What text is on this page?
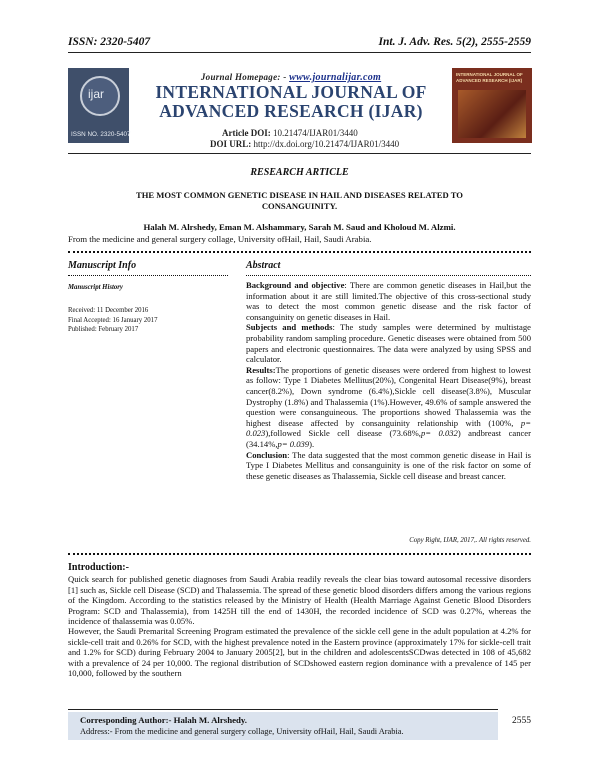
ISSN: 2320-5407	Int. J. Adv. Res. 5(2), 2555-2559
ijar
ISSN NO. 2320-5407
INTERNATIONAL JOURNAL OF ADVANCED RESEARCH (IJAR)
Journal Homepage: - www.journalijar.com
INTERNATIONAL JOURNAL OF
ADVANCED RESEARCH (IJAR)
Article DOI: 10.21474/IJAR01/3440
DOI URL: http://dx.doi.org/10.21474/IJAR01/3440
RESEARCH ARTICLE
THE MOST COMMON GENETIC DISEASE IN HAIL AND DISEASES RELATED TO
CONSANGUINITY.
Halah M. Alrshedy, Eman M. Alshammary, Sarah M. Saud and Kholoud M. Alzmi.
From the medicine and general surgery collage, University ofHail, Hail, Saudi Arabia.
Manuscript Info
Manuscript History
Received: 11 December 2016
Final Accepted: 16 January 2017
Published: February 2017
Abstract

Background and objective: There are common genetic diseases in Hail,but the information about it are still limited.The objective of this cross-sectional study was to detect the most common genetic disease and the risk factor of consanguinity on genetic diseases in Hail.

Subjects and methods: The study samples were determined by multistage probability random sampling procedure. Genetic diseases were obtained from 500 papers and electronic questionnaires. The data were analyzed by using SPSS and calculator.

Results:The proportions of genetic diseases were ordered from highest to lowest as follow: Type 1 Diabetes Mellitus(20%), Congenital Heart Disease(9%), breast cancer(8.2%), Down syndrome (6.4%),Sickle cell disease(3.8%), Muscular Dystrophy (1.8%) and Thalassemia (1%).However, 49.6% of sample answered the question were consanguineous. The proportions showed Thalassemia was the highest disease affected by consanguinity relationship with (100%, p= 0.023),followed Sickle cell disease (73.68%,p= 0.032) andbreast cancer (34.14%,p= 0.039).

Conclusion: The data suggested that the most common genetic disease in Hail is Type I Diabetes Mellitus and consanguinity is one of the risk factor on some of these genetic diseases as Thalassemia, Sickle cell disease and breast cancer.

Copy Right, IJAR, 2017,. All rights reserved.
Introduction:-
Quick search for published genetic diagnoses from Saudi Arabia readily reveals the clear bias toward autosomal recessive disorders [1] such as, Sickle cell Disease (SCD) and Thalassemia. The spread of these genetic blood disorders differs among the various regions of the Kingdom. According to the statistics released by the Ministry of Health (Health Marriage Against Genetic Blood Disorders Program: SCD and Thalassemia), from 1425H till the end of 1430H, the recorded incidence of SCD was 0.27%, whereas the incidence of thalassemia was 0.05%.
However, the Saudi Premarital Screening Program estimated the prevalence of the sickle cell gene in the adult population at 4.2% for sickle-cell trait and 0.26% for SCD, with the highest prevalence noted in the Eastern province (approximately 17% for sickle-cell trait and 1.2% for SCD) during February 2004 to January 2005[2], but in the children and adolescentsSCDwas detected in 108 of 45,682 with a prevalence of 24 per 10,000. The regional distribution of SCDshowed eastern region dominance with a prevalence of 145 per 10,000, followed by the southern
Corresponding Author:- Halah M. Alrshedy.
Address:- From the medicine and general surgery collage, University ofHail, Hail, Saudi Arabia.
2555
